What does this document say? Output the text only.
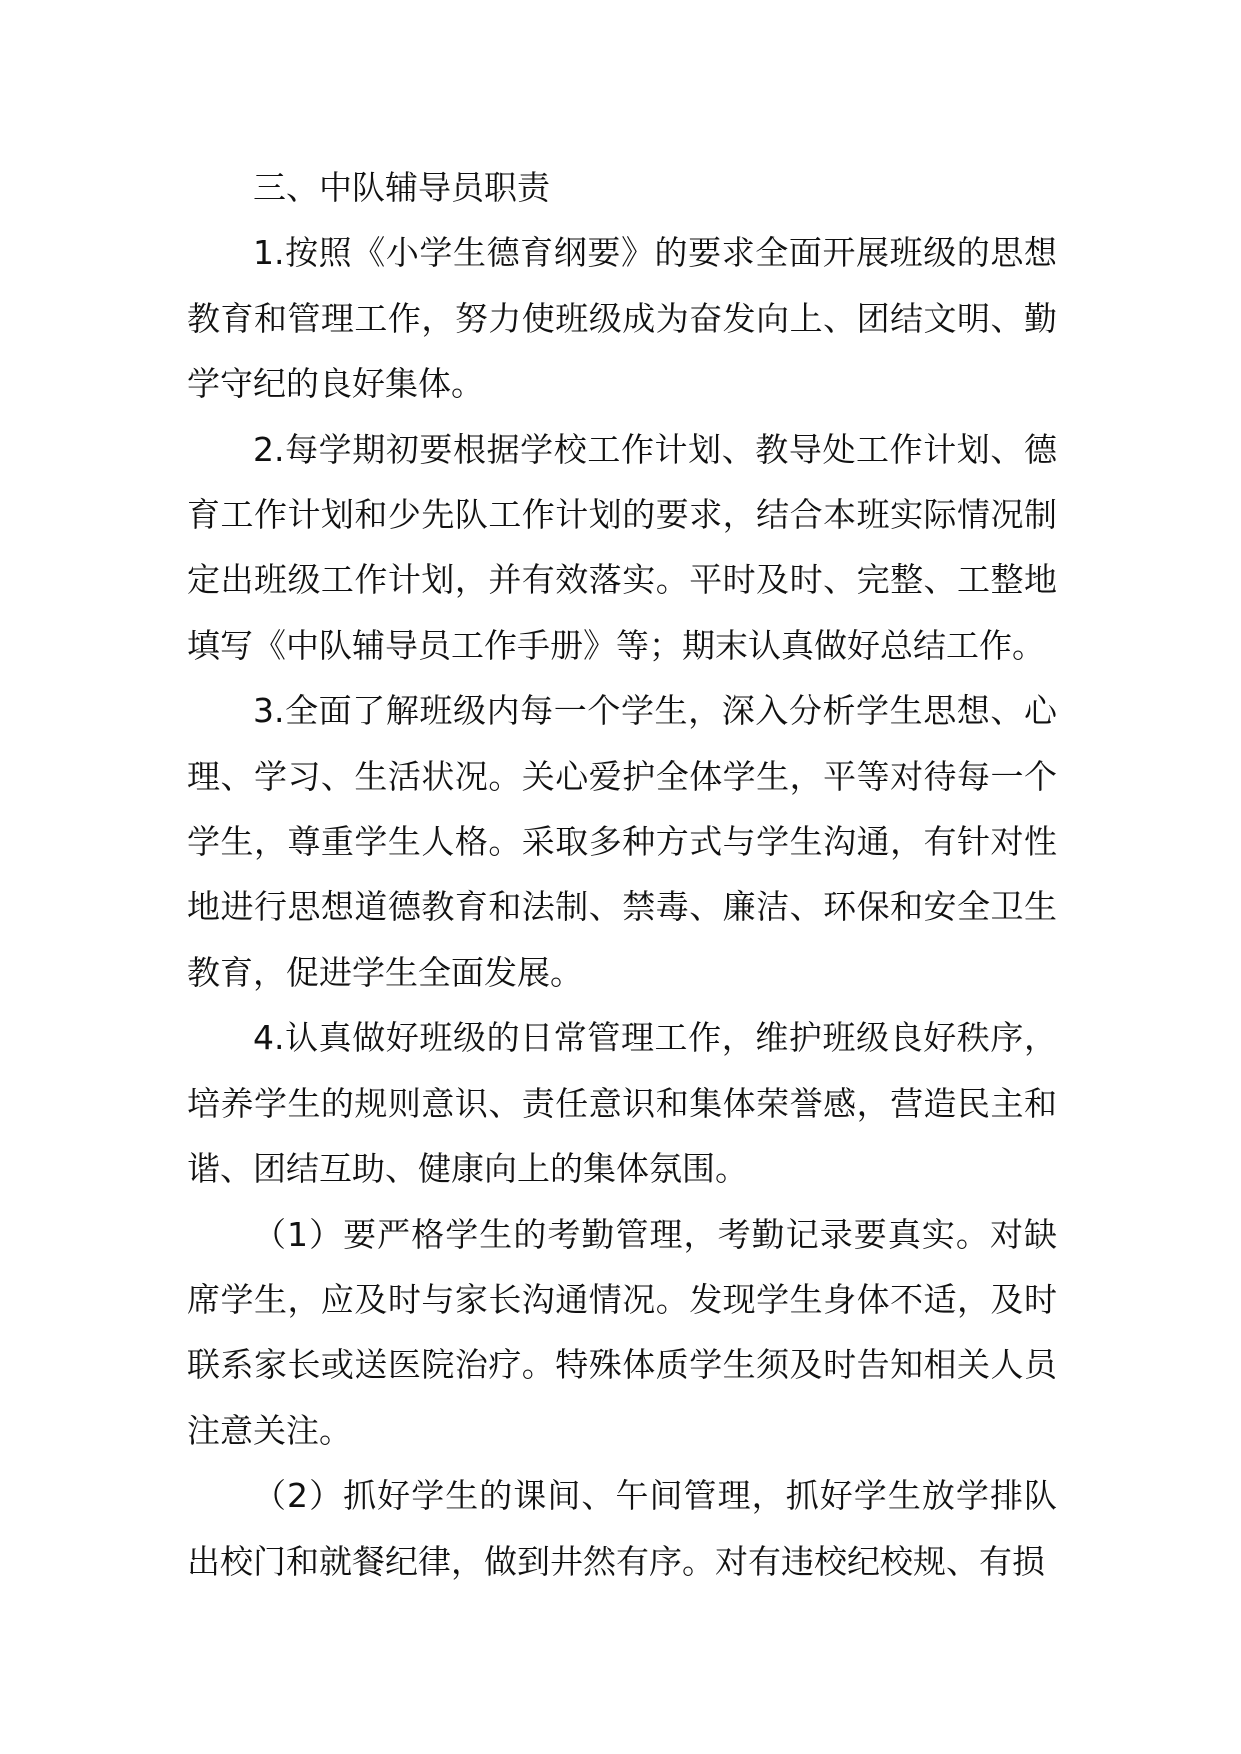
三、中队辅导员职责

1.按照《小学生德育纲要》的要求全面开展班级的思想教育和管理工作，努力使班级成为奋发向上、团结文明、勤学守纪的良好集体。

2.每学期初要根据学校工作计划、教导处工作计划、德育工作计划和少先队工作计划的要求，结合本班实际情况制定出班级工作计划，并有效落实。平时及时、完整、工整地填写《中队辅导员工作手册》等；期末认真做好总结工作。

3.全面了解班级内每一个学生，深入分析学生思想、心理、学习、生活状况。关心爱护全体学生，平等对待每一个学生，尊重学生人格。采取多种方式与学生沟通，有针对性地进行思想道德教育和法制、禁毒、廉洁、环保和安全卫生教育，促进学生全面发展。

4.认真做好班级的日常管理工作，维护班级良好秩序，培养学生的规则意识、责任意识和集体荣誉感，营造民主和谐、团结互助、健康向上的集体氛围。

（1）要严格学生的考勤管理，考勤记录要真实。对缺席学生，应及时与家长沟通情况。发现学生身体不适，及时联系家长或送医院治疗。特殊体质学生须及时告知相关人员注意关注。

（2）抓好学生的课间、午间管理，抓好学生放学排队出校门和就餐纪律，做到井然有序。对有违校纪校规、有损
